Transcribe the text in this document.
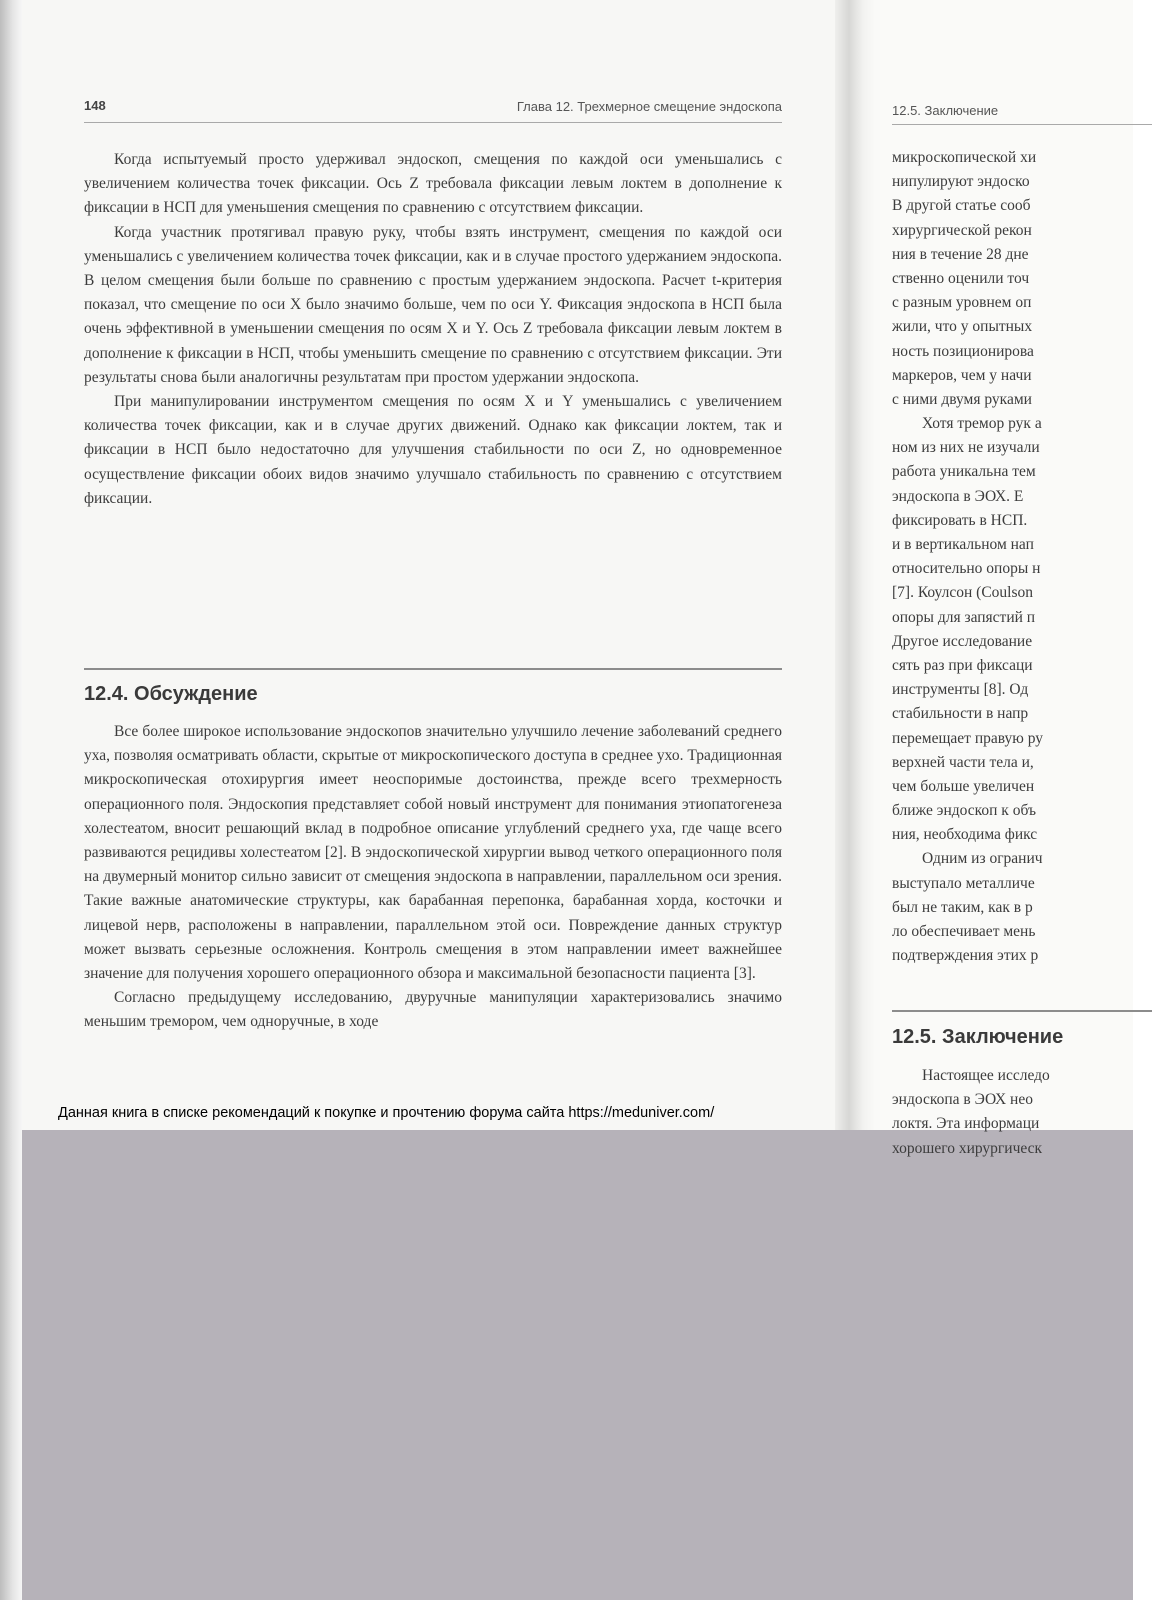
148	Глава 12. Трехмерное смещение эндоскопа

Когда испытуемый просто удерживал эндоскоп, смещения по каждой оси уменьшались с увеличением количества точек фиксации. Ось Z требовала фиксации левым локтем в дополнение к фиксации в НСП для уменьшения смещения по сравнению с отсутствием фиксации.

Когда участник протягивал правую руку, чтобы взять инструмент, смещения по каждой оси уменьшались с увеличением количества точек фиксации, как и в случае простого удержанием эндоскопа. В целом смещения были больше по сравнению с простым удержанием эндоскопа. Расчет t-критерия показал, что смещение по оси X было значимо больше, чем по оси Y. Фиксация эндоскопа в НСП была очень эффективной в уменьшении смещения по осям X и Y. Ось Z требовала фиксации левым локтем в дополнение к фиксации в НСП, чтобы уменьшить смещение по сравнению с отсутствием фиксации. Эти результаты снова были аналогичны результатам при простом удержании эндоскопа.

При манипулировании инструментом смещения по осям X и Y уменьшались с увеличением количества точек фиксации, как и в случае других движений. Однако как фиксации локтем, так и фиксации в НСП было недостаточно для улучшения стабильности по оси Z, но одновременное осуществление фиксации обоих видов значимо улучшало стабильность по сравнению с отсутствием фиксации.

12.4. Обсуждение

Все более широкое использование эндоскопов значительно улучшило лечение заболеваний среднего уха, позволяя осматривать области, скрытые от микроскопического доступа в среднее ухо. Традиционная микроскопическая отохирургия имеет неоспоримые достоинства, прежде всего трехмерность операционного поля. Эндоскопия представляет собой новый инструмент для понимания этиопатогенеза холестеатом, вносит решающий вклад в подробное описание углублений среднего уха, где чаще всего развиваются рецидивы холестеатом [2]. В эндоскопической хирургии вывод четкого операционного поля на двумерный монитор сильно зависит от смещения эндоскопа в направлении, параллельном оси зрения. Такие важные анатомические структуры, как барабанная перепонка, барабанная хорда, косточки и лицевой нерв, расположены в направлении, параллельном этой оси. Повреждение данных структур может вызвать серьезные осложнения. Контроль смещения в этом направлении имеет важнейшее значение для получения хорошего операционного обзора и максимальной безопасности пациента [3].

Согласно предыдущему исследованию, двуручные манипуляции характеризовались значимо меньшим тремором, чем одноручные, в ходе

12.5. Заключение
микроскопической хи
нипулируют эндоско
В другой статье сооб
хирургической рекон
ния в течение 28 дне
ственно оценили точ
с разным уровнем оп
жили, что у опытных
ность позиционирова
маркеров, чем у начи
с ними двумя руками
Хотя тремор рук а
ном из них не изучали
работа уникальна тем
эндоскопа в ЭОХ. Е
фиксировать в НСП.
и в вертикальном нап
относительно опоры н
[7]. Коулсон (Coulson
опоры для запястий п
Другое исследование
сять раз при фиксаци
инструменты [8]. Од
стабильности в напр
перемещает правую ру
верхней части тела и,
чем больше увеличен
ближе эндоскоп к объ
ния, необходима фикс
Одним из огранич
выступало металличе
был не таким, как в р
ло обеспечивает мень
подтверждения этих р
12.5. Заключение
Настоящее исследо
эндоскопа в ЭОХ нео
локтя. Эта информаци
хорошего хирургическ
Данная книга в списке рекомендаций к покупке и прочтению форума сайта https://meduniver.com/
